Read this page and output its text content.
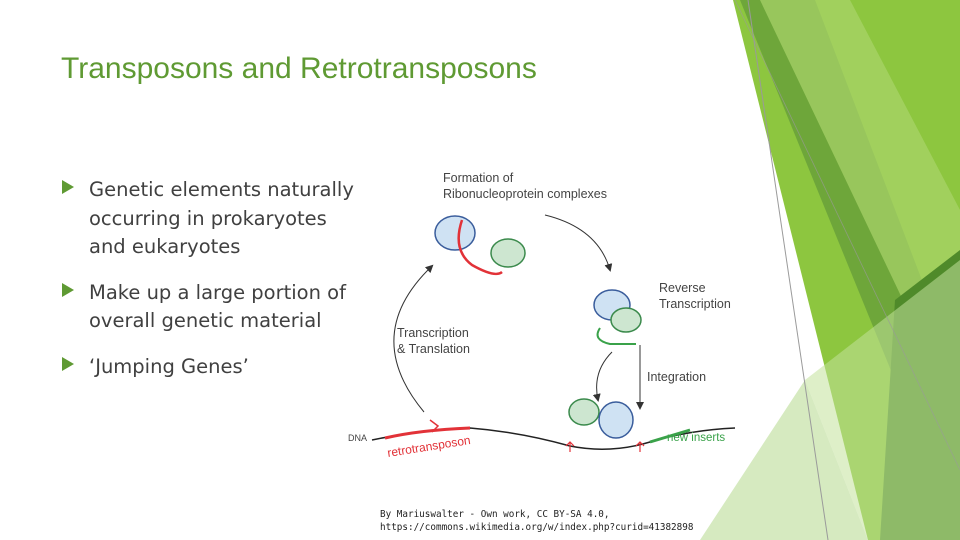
Transposons and Retrotransposons
Genetic elements naturally occurring in prokaryotes and eukaryotes
Make up a large portion of overall genetic material
‘Jumping Genes’
Formation of
Ribonucleoprotein complexes
Reverse
Transcription
Transcription
& Translation
Integration
DNA retrotransposon	new inserts
By Mariuswalter - Own work, CC BY-SA 4.0,
https://commons.wikimedia.org/w/index.php?curid=41382898
